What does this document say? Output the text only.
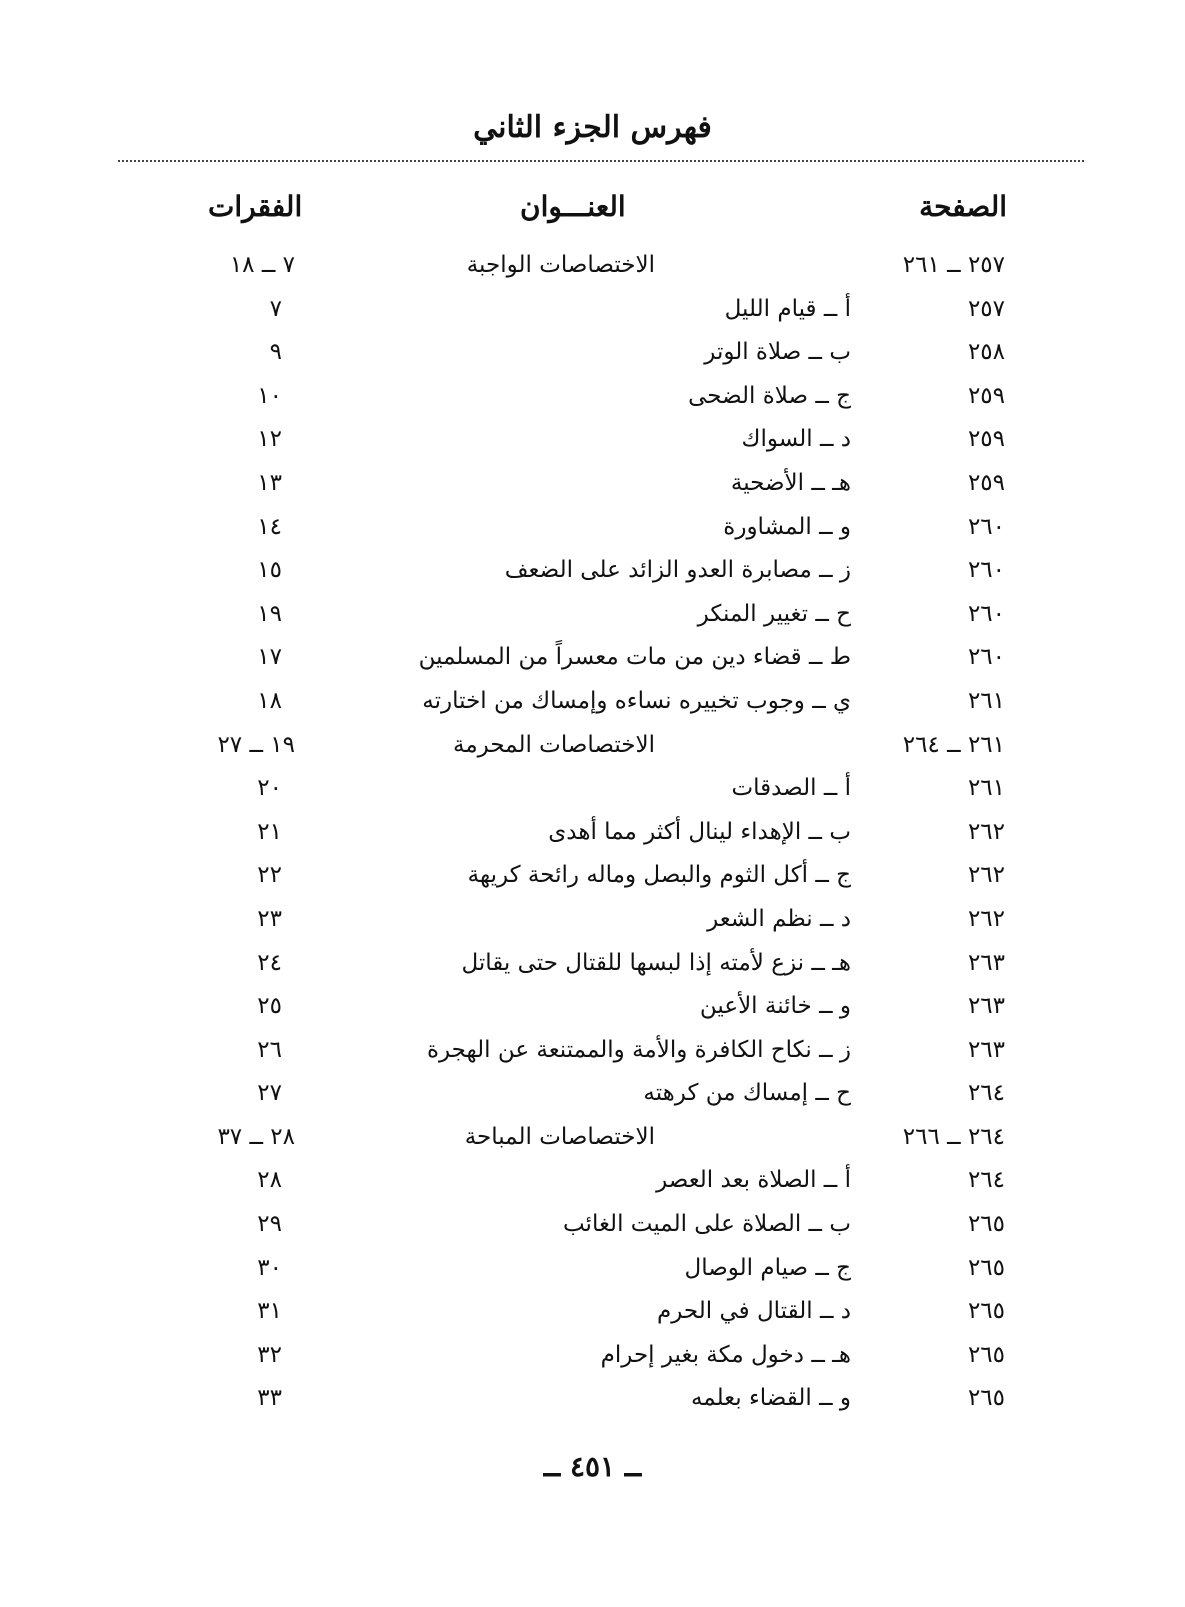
فهرس الجزء الثاني
الصفحة
العنـــوان
الفقرات
٢٥٧ ــ ٢٦١
الاختصاصات الواجبة
٧ ــ ١٨
٢٥٧
أ ــ قيام الليل
٧
٢٥٨
ب ــ صلاة الوتر
٩
٢٥٩
ج ــ صلاة الضحى
١٠
٢٥٩
د ــ السواك
١٢
٢٥٩
هـ ــ الأضحية
١٣
٢٦٠
و ــ المشاورة
١٤
٢٦٠
ز ــ مصابرة العدو الزائد على الضعف
١٥
٢٦٠
ح ــ تغيير المنكر
١٩
٢٦٠
ط ــ قضاء دين من مات معسراً من المسلمين
١٧
٢٦١
ي ــ وجوب تخييره نساءه وإمساك من اختارته
١٨
٢٦١ ــ ٢٦٤
الاختصاصات المحرمة
١٩ ــ ٢٧
٢٦١
أ ــ الصدقات
٢٠
٢٦٢
ب ــ الإهداء لينال أكثر مما أهدى
٢١
٢٦٢
ج ــ أكل الثوم والبصل وماله رائحة كريهة
٢٢
٢٦٢
د ــ نظم الشعر
٢٣
٢٦٣
هـ ــ نزع لأمته إذا لبسها للقتال حتى يقاتل
٢٤
٢٦٣
و ــ خائنة الأعين
٢٥
٢٦٣
ز ــ نكاح الكافرة والأمة والممتنعة عن الهجرة
٢٦
٢٦٤
ح ــ إمساك من كرهته
٢٧
٢٦٤ ــ ٢٦٦
الاختصاصات المباحة
٢٨ ــ ٣٧
٢٦٤
أ ــ الصلاة بعد العصر
٢٨
٢٦٥
ب ــ الصلاة على الميت الغائب
٢٩
٢٦٥
ج ــ صيام الوصال
٣٠
٢٦٥
د ــ القتال في الحرم
٣١
٢٦٥
هـ ــ دخول مكة بغير إحرام
٣٢
٢٦٥
و ــ القضاء بعلمه
٣٣
ــ ٤٥١ ــ
